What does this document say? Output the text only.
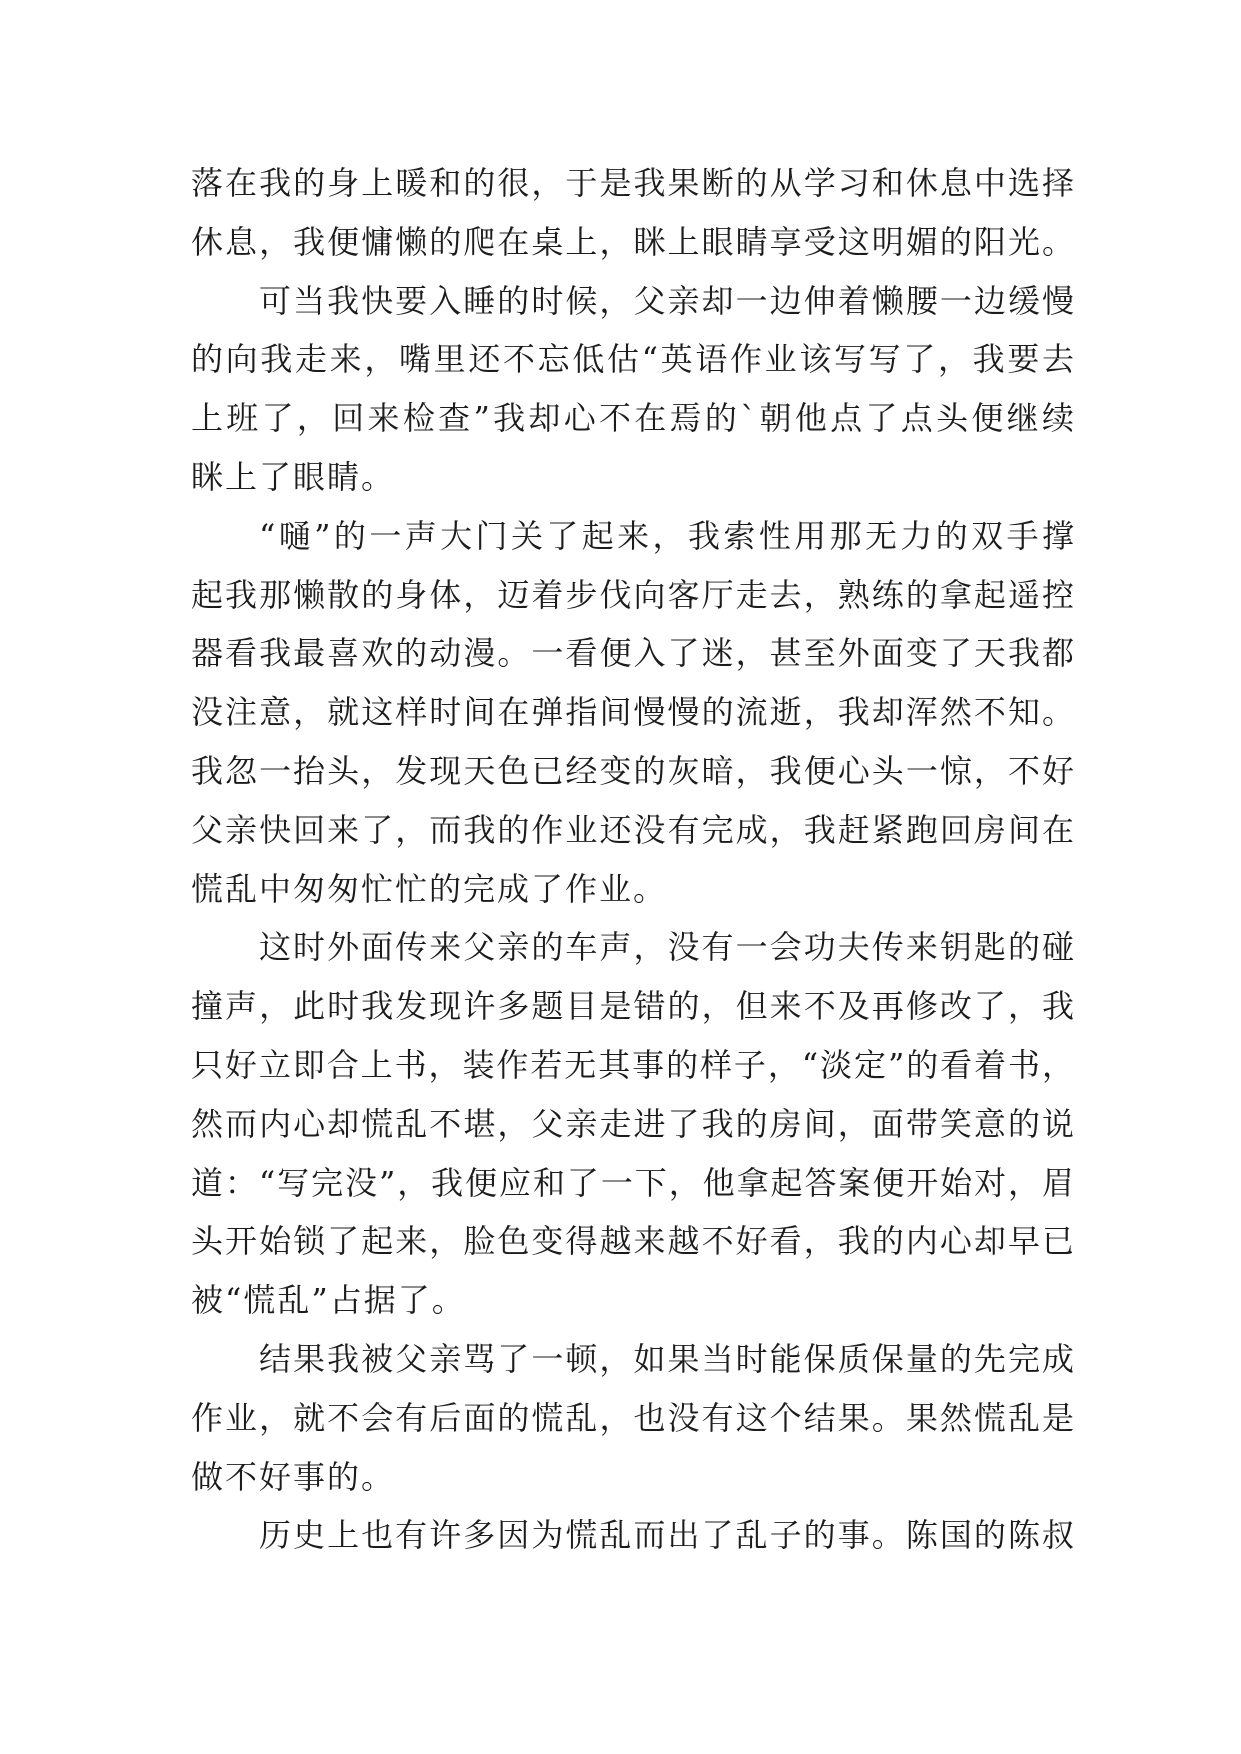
落在我的身上暖和的很，于是我果断的从学习和休息中选择
休息，我便慵懒的爬在桌上，眯上眼睛享受这明媚的阳光。
可当我快要入睡的时候，父亲却一边伸着懒腰一边缓慢
的向我走来，嘴里还不忘低估“英语作业该写写了，我要去
上班了，回来检查”我却心不在焉的`朝他点了点头便继续
眯上了眼睛。
“嗵”的一声大门关了起来，我索性用那无力的双手撑
起我那懒散的身体，迈着步伐向客厅走去，熟练的拿起遥控
器看我最喜欢的动漫。一看便入了迷，甚至外面变了天我都
没注意，就这样时间在弹指间慢慢的流逝，我却浑然不知。
我忽一抬头，发现天色已经变的灰暗，我便心头一惊，不好
父亲快回来了，而我的作业还没有完成，我赶紧跑回房间在
慌乱中匆匆忙忙的完成了作业。
这时外面传来父亲的车声，没有一会功夫传来钥匙的碰
撞声，此时我发现许多题目是错的，但来不及再修改了，我
只好立即合上书，装作若无其事的样子，“淡定”的看着书，
然而内心却慌乱不堪，父亲走进了我的房间，面带笑意的说
道：“写完没”，我便应和了一下，他拿起答案便开始对，眉
头开始锁了起来，脸色变得越来越不好看，我的内心却早已
被“慌乱”占据了。
结果我被父亲骂了一顿，如果当时能保质保量的先完成
作业，就不会有后面的慌乱，也没有这个结果。果然慌乱是
做不好事的。
历史上也有许多因为慌乱而出了乱子的事。陈国的陈叔
